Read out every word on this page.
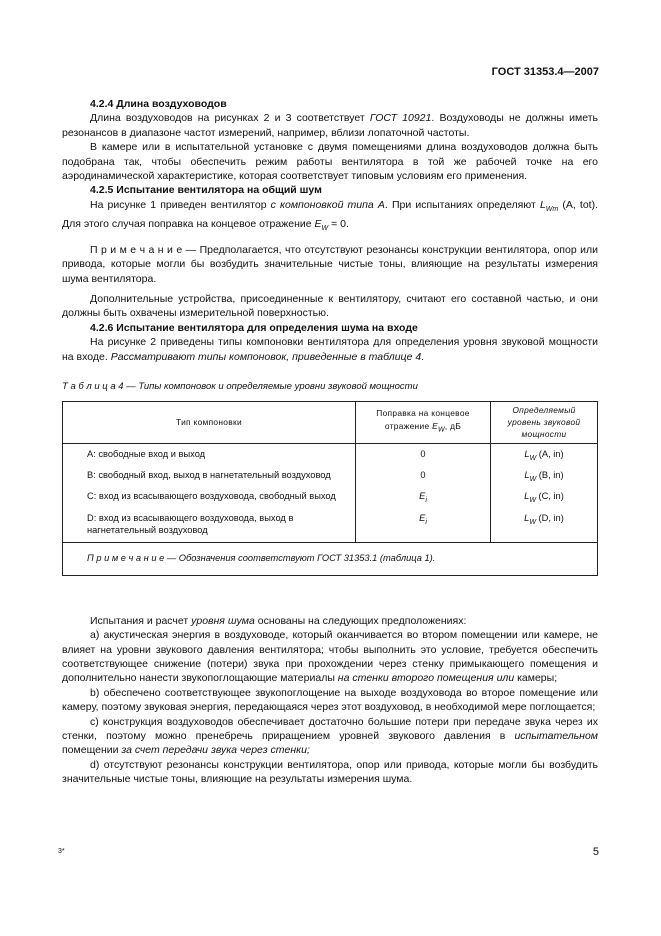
ГОСТ 31353.4—2007

4.2.4 Длина воздуховодов

Длина воздуховодов на рисунках 2 и 3 соответствует ГОСТ 10921. Воздуховоды не должны иметь резонансов в диапазоне частот измерений, например, вблизи лопаточной частоты.

В камере или в испытательной установке с двумя помещениями длина воздуховодов должна быть подобрана так, чтобы обеспечить режим работы вентилятора в той же рабочей точке на его аэродинамической характеристике, которая соответствует типовым условиям его применения.

4.2.5 Испытание вентилятора на общий шум

На рисунке 1 приведен вентилятор с компоновкой типа А. При испытаниях определяют $L_{Wm}$ (A, tot). Для этого случая поправка на концевое отражение $E_W = 0$.

П р и м е ч а н и е — Предполагается, что отсутствуют резонансы конструкции вентилятора, опор или привода, которые могли бы возбудить значительные чистые тоны, влияющие на результаты измерения шума вентилятора.

Дополнительные устройства, присоединенные к вентилятору, считают его составной частью, и они должны быть охвачены измерительной поверхностью.

4.2.6 Испытание вентилятора для определения шума на входе

На рисунке 2 приведены типы компоновки вентилятора для определения уровня звуковой мощности на входе. Рассматривают типы компоновок, приведенные в таблице 4.

Т а б л и ц а 4 — Типы компоновок и определяемые уровни звуковой мощности
Тип компоновки	Поправка на концевое отражение $E_W$, дБ	Определяемый уровень звуковой мощности
А: свободные вход и выход	0	$L_W$ (A, in)
В: свободный вход, выход в нагнетательный воздуховод	0	$L_W$ (B, in)
С: вход из всасывающего воздуховода, свободный выход	$E_i$	$L_W$ (C, in)
D: вход из всасывающего воздуховода, выход в нагнетательный воздуховод	$E_i$	$L_W$ (D, in)
П р и м е ч а н и е — Обозначения соответствуют ГОСТ 31353.1 (таблица 1).

Испытания и расчет уровня шума основаны на следующих предположениях:

а) акустическая энергия в воздуховоде, который оканчивается во втором помещении или камере, не влияет на уровни звукового давления вентилятора; чтобы выполнить это условие, требуется обеспечить соответствующее снижение (потери) звука при прохождении через стенку примыкающего помещения и дополнительно нанести звукопоглощающие материалы на стенки второго помещения или камеры;

b) обеспечено соответствующее звукопоглощение на выходе воздуховода во второе помещение или камеру, поэтому звуковая энергия, передающаяся через этот воздуховод, в необходимой мере поглощается;

с) конструкция воздуховодов обеспечивает достаточно большие потери при передаче звука через их стенки, поэтому можно пренебречь приращением уровней звукового давления в испытательном помещении за счет передачи звука через стенки;

d) отсутствуют резонансы конструкции вентилятора, опор или привода, которые могли бы возбудить значительные чистые тоны, влияющие на результаты измерения шума.

3*	5
